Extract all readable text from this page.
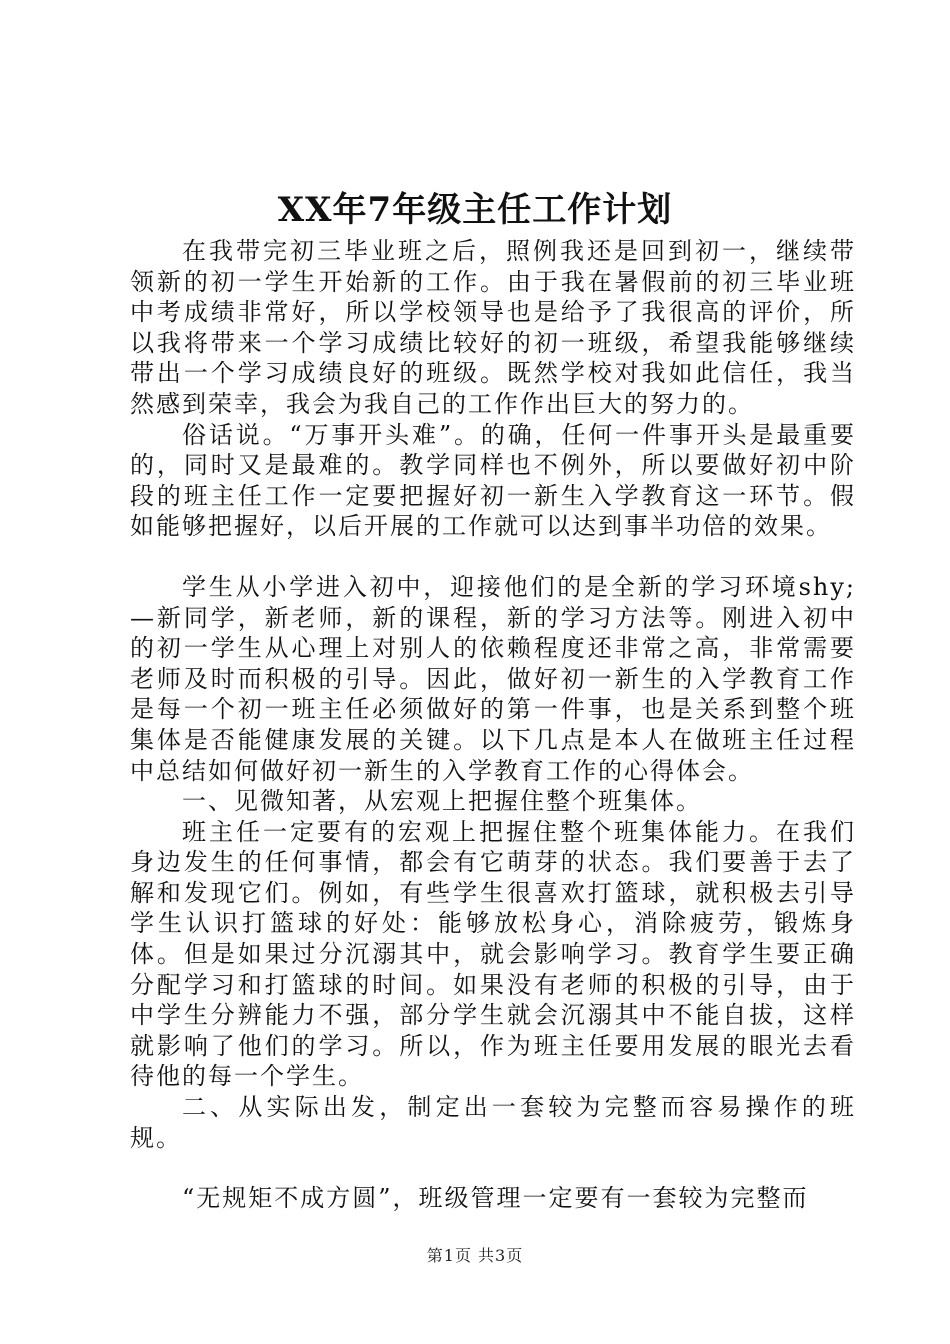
XX年7年级主任工作计划

在我带完初三毕业班之后，照例我还是回到初一，继续带领新的初一学生开始新的工作。由于我在暑假前的初三毕业班中考成绩非常好，所以学校领导也是给予了我很高的评价，所以我将带来一个学习成绩比较好的初一班级，希望我能够继续带出一个学习成绩良好的班级。既然学校对我如此信任，我当然感到荣幸，我会为我自己的工作作出巨大的努力的。

俗话说。“万事开头难”。的确，任何一件事开头是最重要的，同时又是最难的。教学同样也不例外，所以要做好初中阶段的班主任工作一定要把握好初一新生入学教育这一环节。假如能够把握好，以后开展的工作就可以达到事半功倍的效果。

学生从小学进入初中，迎接他们的是全新的学习环境shy;—新同学，新老师，新的课程，新的学习方法等。刚进入初中的初一学生从心理上对别人的依赖程度还非常之高，非常需要老师及时而积极的引导。因此，做好初一新生的入学教育工作是每一个初一班主任必须做好的第一件事，也是关系到整个班集体是否能健康发展的关键。以下几点是本人在做班主任过程中总结如何做好初一新生的入学教育工作的心得体会。

一、见微知著，从宏观上把握住整个班集体。

班主任一定要有的宏观上把握住整个班集体能力。在我们身边发生的任何事情，都会有它萌芽的状态。我们要善于去了解和发现它们。例如，有些学生很喜欢打篮球，就积极去引导学生认识打篮球的好处：能够放松身心，消除疲劳，锻炼身体。但是如果过分沉溺其中，就会影响学习。教育学生要正确分配学习和打篮球的时间。如果没有老师的积极的引导，由于中学生分辨能力不强，部分学生就会沉溺其中不能自拔，这样就影响了他们的学习。所以，作为班主任要用发展的眼光去看待他的每一个学生。

二、从实际出发，制定出一套较为完整而容易操作的班规。

“无规矩不成方圆”，班级管理一定要有一套较为完整而

第1页 共3页
